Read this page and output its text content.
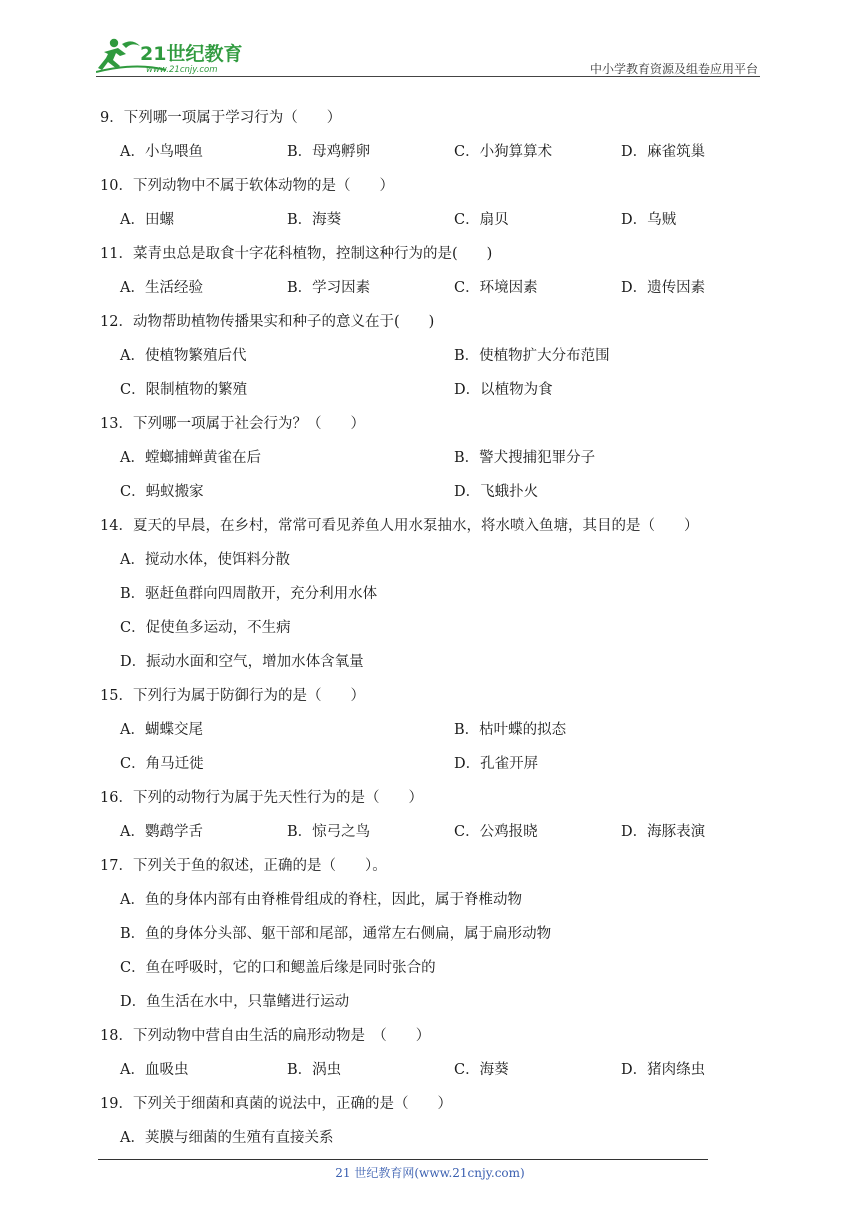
21世纪教育
www.21cnjy.com	中小学教育资源及组卷应用平台
9．下列哪一项属于学习行为（　　）
A．小鸟喂鱼	B．母鸡孵卵	C．小狗算算术	D．麻雀筑巢
10．下列动物中不属于软体动物的是（　　）
A．田螺	B．海葵	C．扇贝	D．乌贼
11．菜青虫总是取食十字花科植物，控制这种行为的是(　　)
A．生活经验	B．学习因素	C．环境因素	D．遗传因素
12．动物帮助植物传播果实和种子的意义在于(　　)
A．使植物繁殖后代	B．使植物扩大分布范围
C．限制植物的繁殖	D．以植物为食
13．下列哪一项属于社会行为？（　　）
A．螳螂捕蝉黄雀在后	B．警犬搜捕犯罪分子
C．蚂蚁搬家	D．飞蛾扑火
14．夏天的早晨，在乡村，常常可看见养鱼人用水泵抽水，将水喷入鱼塘，其目的是（　　）
A．搅动水体，使饵料分散
B．驱赶鱼群向四周散开，充分利用水体
C．促使鱼多运动，不生病
D．振动水面和空气，增加水体含氧量
15．下列行为属于防御行为的是（　　）
A．蝴蝶交尾	B．枯叶蝶的拟态
C．角马迁徙	D．孔雀开屏
16．下列的动物行为属于先天性行为的是（　　）
A．鹦鹉学舌	B．惊弓之鸟	C．公鸡报晓	D．海豚表演
17．下列关于鱼的叙述，正确的是（　　）。
A．鱼的身体内部有由脊椎骨组成的脊柱，因此，属于脊椎动物
B．鱼的身体分头部、躯干部和尾部，通常左右侧扁，属于扁形动物
C．鱼在呼吸时，它的口和鳃盖后缘是同时张合的
D．鱼生活在水中，只靠鳍进行运动
18．下列动物中营自由生活的扁形动物是　（　　）
A．血吸虫	B．涡虫	C．海葵	D．猪肉绦虫
19．下列关于细菌和真菌的说法中，正确的是（　　）
A．荚膜与细菌的生殖有直接关系
21 世纪教育网(www.21cnjy.com)
